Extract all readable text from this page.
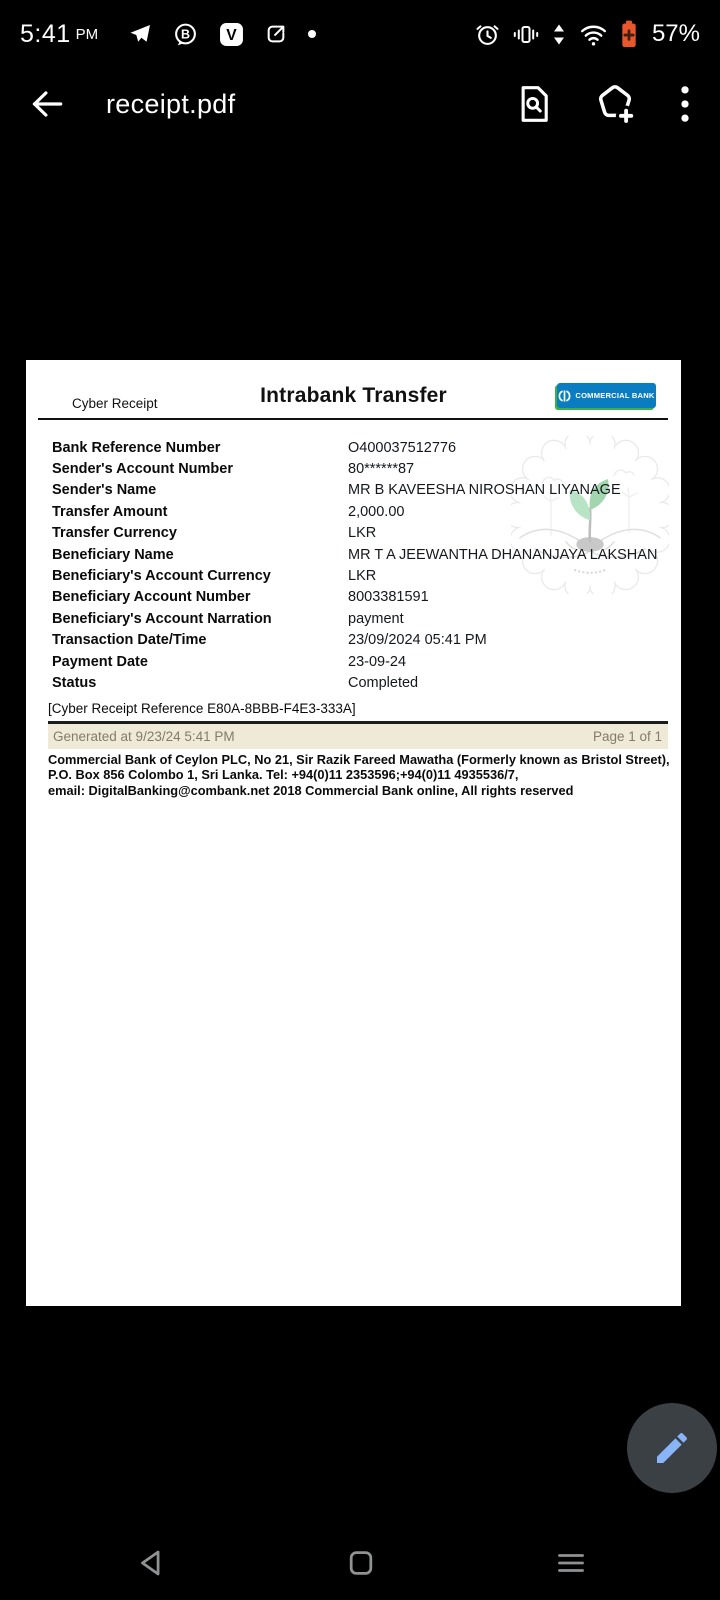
5:41 PM	B V	57%
receipt.pdf
Cyber Receipt	Intrabank Transfer	COMMERCIAL BANK
Bank Reference Number	O400037512776
Sender's Account Number	80******87
Sender's Name	MR B KAVEESHA NIROSHAN LIYANAGE
Transfer Amount	2,000.00
Transfer Currency	LKR
Beneficiary Name	MR T A JEEWANTHA DHANANJAYA LAKSHAN
Beneficiary's Account Currency	LKR
Beneficiary Account Number	8003381591
Beneficiary's Account Narration	payment
Transaction Date/Time	23/09/2024 05:41 PM
Payment Date	23-09-24
Status	Completed
[Cyber Receipt Reference E80A-8BBB-F4E3-333A]
Generated at 9/23/24 5:41 PM	Page 1 of 1
Commercial Bank of Ceylon PLC, No 21, Sir Razik Fareed Mawatha (Formerly known as Bristol Street),
P.O. Box 856 Colombo 1, Sri Lanka. Tel: +94(0)11 2353596;+94(0)11 4935536/7,
email: DigitalBanking@combank.net 2018 Commercial Bank online, All rights reserved
